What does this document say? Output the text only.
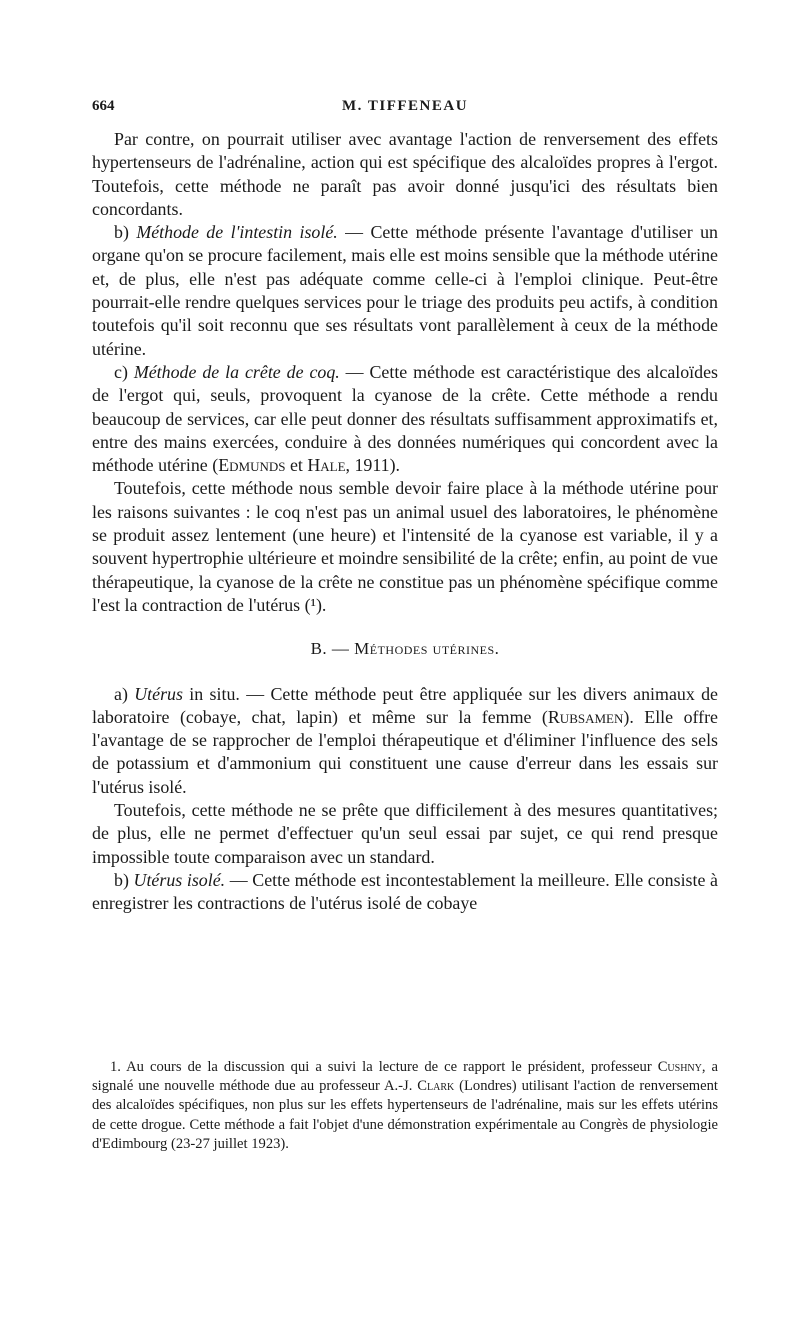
664	M. TIFFENEAU

Par contre, on pourrait utiliser avec avantage l'action de renversement des effets hypertenseurs de l'adrénaline, action qui est spécifique des alcaloïdes propres à l'ergot. Toutefois, cette méthode ne paraît pas avoir donné jusqu'ici des résultats bien concordants.

b) Méthode de l'intestin isolé. — Cette méthode présente l'avantage d'utiliser un organe qu'on se procure facilement, mais elle est moins sensible que la méthode utérine et, de plus, elle n'est pas adéquate comme celle-ci à l'emploi clinique. Peut-être pourrait-elle rendre quelques services pour le triage des produits peu actifs, à condition toutefois qu'il soit reconnu que ses résultats vont parallèlement à ceux de la méthode utérine.

c) Méthode de la crête de coq. — Cette méthode est caractéristique des alcaloïdes de l'ergot qui, seuls, provoquent la cyanose de la crête. Cette méthode a rendu beaucoup de services, car elle peut donner des résultats suffisamment approximatifs et, entre des mains exercées, conduire à des données numériques qui concordent avec la méthode utérine (Edmunds et Hale, 1911).

Toutefois, cette méthode nous semble devoir faire place à la méthode utérine pour les raisons suivantes : le coq n'est pas un animal usuel des laboratoires, le phénomène se produit assez lentement (une heure) et l'intensité de la cyanose est variable, il y a souvent hypertrophie ultérieure et moindre sensibilité de la crête; enfin, au point de vue thérapeutique, la cyanose de la crête ne constitue pas un phénomène spécifique comme l'est la contraction de l'utérus (¹).

B. — Méthodes utérines.

a) Utérus in situ. — Cette méthode peut être appliquée sur les divers animaux de laboratoire (cobaye, chat, lapin) et même sur la femme (Rubsamen). Elle offre l'avantage de se rapprocher de l'emploi thérapeutique et d'éliminer l'influence des sels de potassium et d'ammonium qui constituent une cause d'erreur dans les essais sur l'utérus isolé.

Toutefois, cette méthode ne se prête que difficilement à des mesures quantitatives; de plus, elle ne permet d'effectuer qu'un seul essai par sujet, ce qui rend presque impossible toute comparaison avec un standard.

b) Utérus isolé. — Cette méthode est incontestablement la meilleure. Elle consiste à enregistrer les contractions de l'utérus isolé de cobaye

1. Au cours de la discussion qui a suivi la lecture de ce rapport le président, professeur Cushny, a signalé une nouvelle méthode due au professeur A.-J. Clark (Londres) utilisant l'action de renversement des alcaloïdes spécifiques, non plus sur les effets hypertenseurs de l'adrénaline, mais sur les effets utérins de cette drogue. Cette méthode a fait l'objet d'une démonstration expérimentale au Congrès de physiologie d'Edimbourg (23-27 juillet 1923).
